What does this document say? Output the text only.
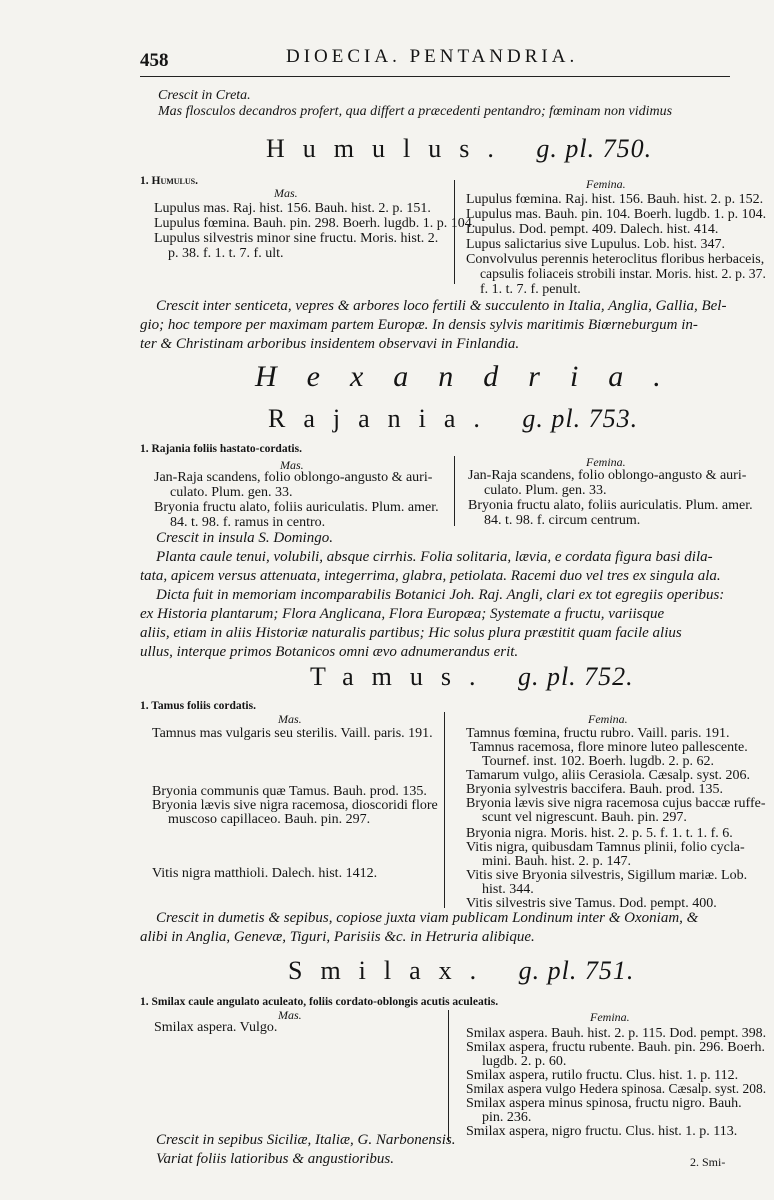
458	DIOECIA. PENTANDRIA.
Crescit in Creta.
Mas flosculos decandros profert, qua differt a præcedenti pentandro; fœminam non vidimus
Humulus. g. pl. 750.
1. Humulus.
Mas.
Femina.
Lupulus mas. Raj. hist. 156. Bauh. hist. 2. p. 151.
Lupulus fœmina. Bauh. pin. 298. Boerh. lugdb. 1. p. 104.
Lupulus silvestris minor sine fructu. Moris. hist. 2.
p. 38. f. 1. t. 7. f. ult.
Lupulus fœmina. Raj. hist. 156. Bauh. hist. 2. p. 152.
Lupulus mas. Bauh. pin. 104. Boerh. lugdb. 1. p. 104.
Lupulus. Dod. pempt. 409. Dalech. hist. 414.
Lupus salictarius sive Lupulus. Lob. hist. 347.
Convolvulus perennis heteroclitus floribus herbaceis,
capsulis foliaceis strobili instar. Moris. hist. 2. p. 37.
f. 1. t. 7. f. penult.
Crescit inter senticeta, vepres & arbores loco fertili & succulento in Italia, Anglia, Gallia, Bel-
gio; hoc tempore per maximam partem Europæ. In densis sylvis maritimis Biœrneburgum in-
ter & Christinam arboribus insidentem observavi in Finlandia.
Hexandria.
Rajania. g. pl. 753.
1. Rajania foliis hastato-cordatis.
Mas.	Femina.
Jan-Raja scandens, folio oblongo-angusto & auri-
culato. Plum. gen. 33.
Bryonia fructu alato, foliis auriculatis. Plum. amer.
84. t. 98. f. ramus in centro.
Jan-Raja scandens, folio oblongo-angusto & auri-
culato. Plum. gen. 33.
Bryonia fructu alato, foliis auriculatis. Plum. amer.
84. t. 98. f. circum centrum.
Crescit in insula S. Domingo.
Planta caule tenui, volubili, absque cirrhis. Folia solitaria, lævia, e cordata figura basi dila-
tata, apicem versus attenuata, integerrima, glabra, petiolata. Racemi duo vel tres ex singula ala.
Dicta fuit in memoriam incomparabilis Botanici Joh. Raj. Angli, clari ex tot egregiis operibus:
ex Historia plantarum; Flora Anglicana, Flora Europæa; Systemate a fructu, variisque
aliis, etiam in aliis Historiæ naturalis partibus; Hic solus plura præstitit quam facile alius
ullus, interque primos Botanicos omni ævo adnumerandus erit.
Tamus. g. pl. 752.
1. Tamus foliis cordatis.
Mas.	Femina.
Tamnus mas vulgaris seu sterilis. Vaill. paris. 191.
Bryonia communis quæ Tamus. Bauh. prod. 135.
Bryonia lævis sive nigra racemosa, dioscoridi flore
muscoso capillaceo. Bauh. pin. 297.
Vitis nigra matthioli. Dalech. hist. 1412.
Tamnus fœmina, fructu rubro. Vaill. paris. 191.
Tamnus racemosa, flore minore luteo pallescente.
Tournef. inst. 102. Boerh. lugdb. 2. p. 62.
Tamarum vulgo, aliis Cerasiola. Cæsalp. syst. 206.
Bryonia sylvestris baccifera. Bauh. prod. 135.
Bryonia lævis sive nigra racemosa cujus baccæ ruffe-
scunt vel nigrescunt. Bauh. pin. 297.
Bryonia nigra. Moris. hist. 2. p. 5. f. 1. t. 1. f. 6.
Vitis nigra, quibusdam Tamnus plinii, folio cycla-
mini. Bauh. hist. 2. p. 147.
Vitis sive Bryonia silvestris, Sigillum mariæ. Lob.
hist. 344.
Vitis silvestris sive Tamus. Dod. pempt. 400.
Crescit in dumetis & sepibus, copiose juxta viam publicam Londinum inter & Oxoniam, &
alibi in Anglia, Genevæ, Tiguri, Parisiis &c. in Hetruria alibique.
Smilax. g. pl. 751.
1. Smilax caule angulato aculeato, foliis cordato-oblongis acutis aculeatis.
Mas.	Femina.
Smilax aspera. Vulgo.	Smilax aspera. Bauh. hist. 2. p. 115. Dod. pempt. 398.
Smilax aspera, fructu rubente. Bauh. pin. 296. Boerh.
lugdb. 2. p. 60.
Smilax aspera, rutilo fructu. Clus. hist. 1. p. 112.
Smilax aspera vulgo Hedera spinosa. Cæsalp. syst. 208.
Smilax aspera minus spinosa, fructu nigro. Bauh.
pin. 236.
Smilax aspera, nigro fructu. Clus. hist. 1. p. 113.
Crescit in sepibus Siciliæ, Italiæ, G. Narbonensis.
Variat foliis latioribus & angustioribus.	2. Smi-
